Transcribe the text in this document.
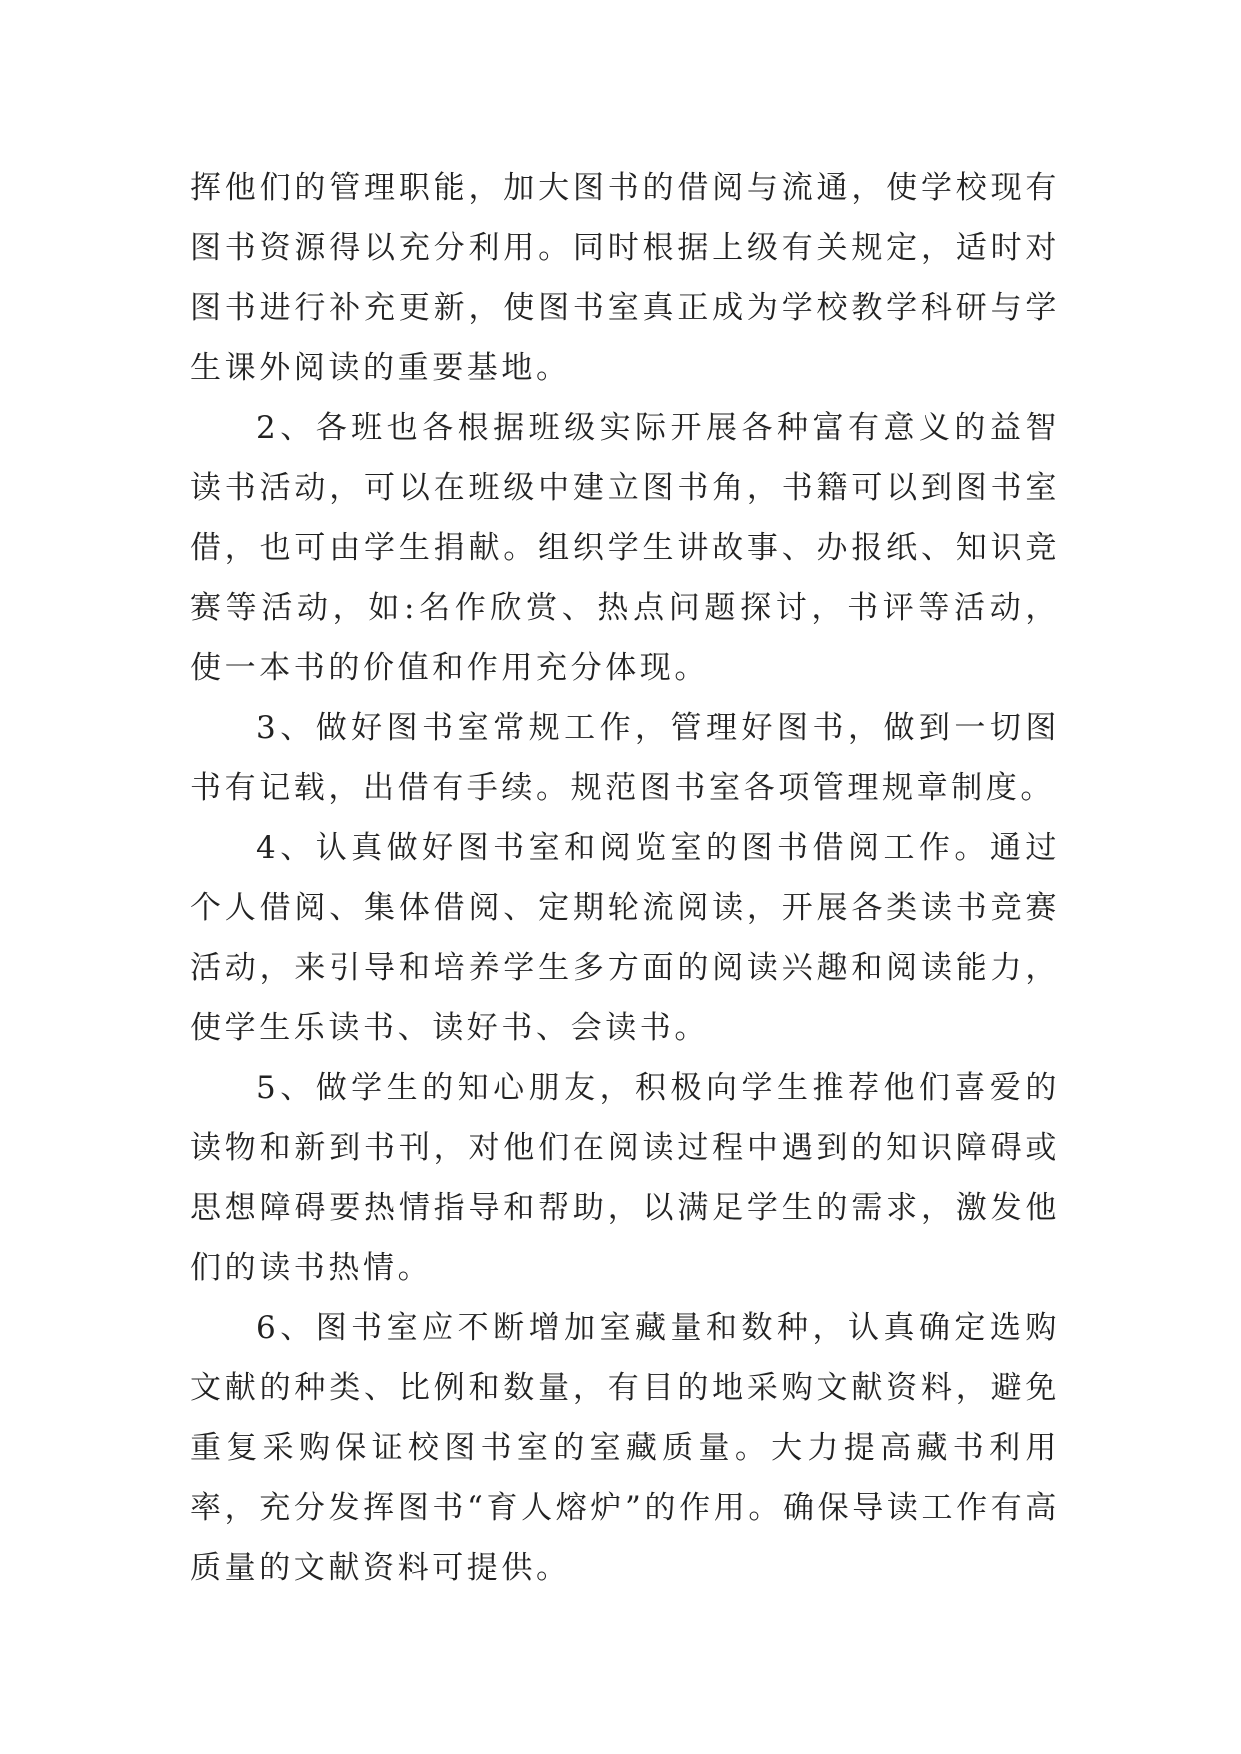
挥他们的管理职能，加大图书的借阅与流通，使学校现有图书资源得以充分利用。同时根据上级有关规定，适时对图书进行补充更新，使图书室真正成为学校教学科研与学生课外阅读的重要基地。

2、各班也各根据班级实际开展各种富有意义的益智读书活动，可以在班级中建立图书角，书籍可以到图书室借，也可由学生捐献。组织学生讲故事、办报纸、知识竞赛等活动，如:名作欣赏、热点问题探讨，书评等活动，使一本书的价值和作用充分体现。

3、做好图书室常规工作，管理好图书，做到一切图书有记载，出借有手续。规范图书室各项管理规章制度。

4、认真做好图书室和阅览室的图书借阅工作。通过个人借阅、集体借阅、定期轮流阅读，开展各类读书竞赛活动，来引导和培养学生多方面的阅读兴趣和阅读能力，使学生乐读书、读好书、会读书。

5、做学生的知心朋友，积极向学生推荐他们喜爱的读物和新到书刊，对他们在阅读过程中遇到的知识障碍或思想障碍要热情指导和帮助，以满足学生的需求，激发他们的读书热情。

6、图书室应不断增加室藏量和数种，认真确定选购文献的种类、比例和数量，有目的地采购文献资料，避免重复采购保证校图书室的室藏质量。大力提高藏书利用率，充分发挥图书“育人熔炉”的作用。确保导读工作有高质量的文献资料可提供。
